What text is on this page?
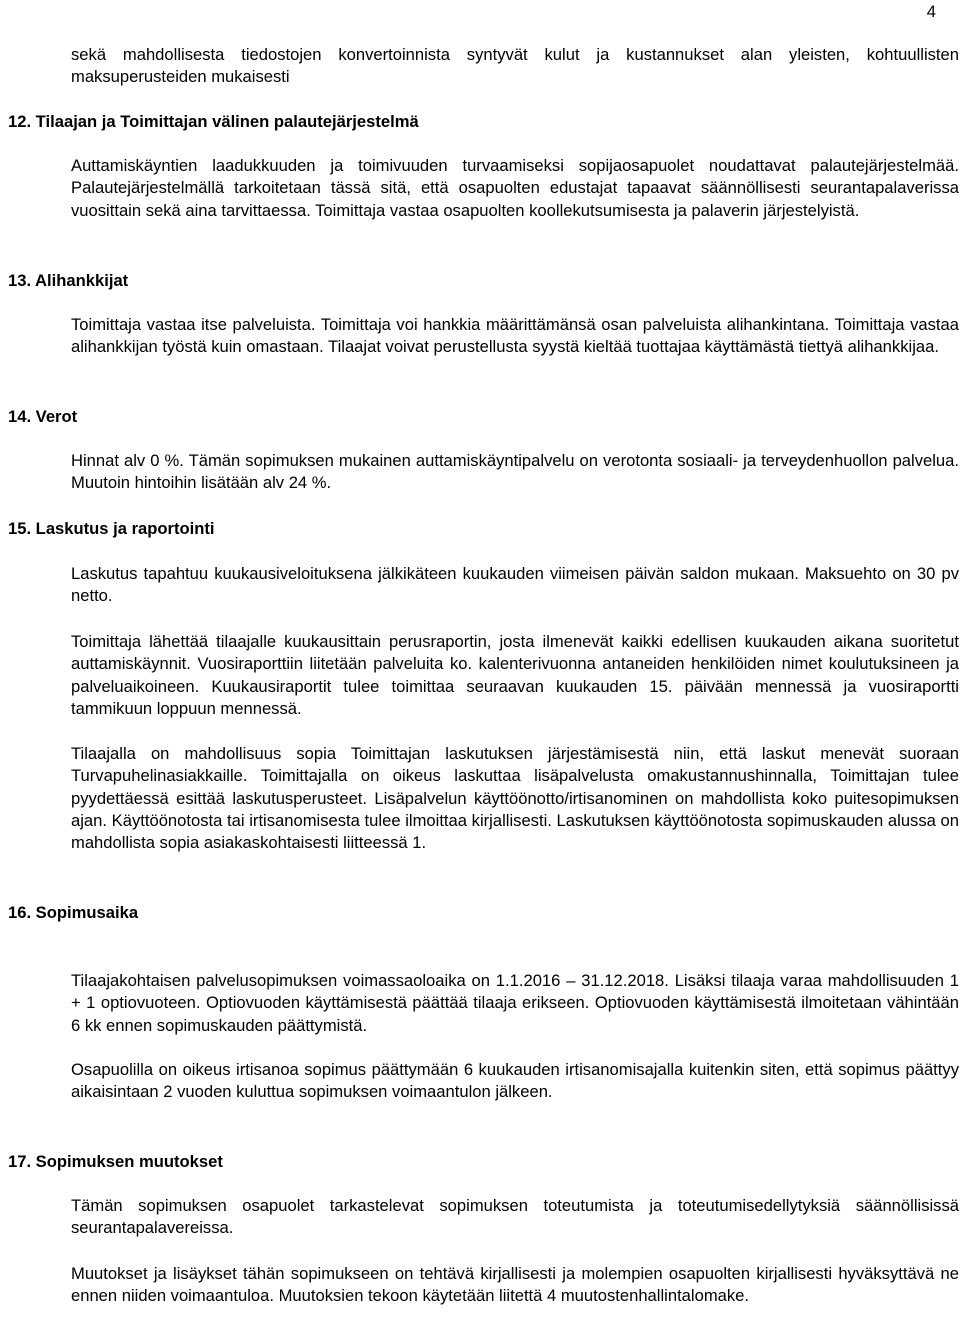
4

sekä mahdollisesta tiedostojen konvertoinnista syntyvät kulut ja kustannukset alan yleisten, kohtuullisten maksuperusteiden mukaisesti

12. Tilaajan ja Toimittajan välinen palautejärjestelmä

Auttamiskäyntien laadukkuuden ja toimivuuden turvaamiseksi sopijaosapuolet noudattavat palautejärjestelmää. Palautejärjestelmällä tarkoitetaan tässä sitä, että osapuolten edustajat tapaavat säännöllisesti seurantapalaverissa vuosittain sekä aina tarvittaessa. Toimittaja vastaa osapuolten koollekutsumisesta ja palaverin järjestelyistä.

13. Alihankkijat

Toimittaja vastaa itse palveluista. Toimittaja voi hankkia määrittämänsä osan palveluista alihankintana. Toimittaja vastaa alihankkijan työstä kuin omastaan. Tilaajat voivat perustellusta syystä kieltää tuottajaa käyttämästä tiettyä alihankkijaa.

14. Verot

Hinnat alv 0 %. Tämän sopimuksen mukainen auttamiskäyntipalvelu on verotonta sosiaali- ja terveydenhuollon palvelua. Muutoin hintoihin lisätään alv 24 %.

15. Laskutus ja raportointi

Laskutus tapahtuu kuukausiveloituksena jälkikäteen kuukauden viimeisen päivän saldon mukaan. Maksuehto on 30 pv netto.

Toimittaja lähettää tilaajalle kuukausittain perusraportin, josta ilmenevät kaikki edellisen kuukauden aikana suoritetut auttamiskäynnit. Vuosiraporttiin liitetään palveluita ko. kalenterivuonna antaneiden henkilöiden nimet koulutuksineen ja palveluaikoineen. Kuukausiraportit tulee toimittaa seuraavan kuukauden 15. päivään mennessä ja vuosiraportti tammikuun loppuun mennessä.

Tilaajalla on mahdollisuus sopia Toimittajan laskutuksen järjestämisestä niin, että laskut menevät suoraan Turvapuhelinasiakkaille. Toimittajalla on oikeus laskuttaa lisäpalvelusta omakustannushinnalla, Toimittajan tulee pyydettäessä esittää laskutusperusteet. Lisäpalvelun käyttöönotto/irtisanominen on mahdollista koko puitesopimuksen ajan. Käyttöönotosta tai irtisanomisesta tulee ilmoittaa kirjallisesti. Laskutuksen käyttöönotosta sopimuskauden alussa on mahdollista sopia asiakaskohtaisesti liitteessä 1.

16. Sopimusaika

Tilaajakohtaisen palvelusopimuksen voimassaoloaika on 1.1.2016 – 31.12.2018. Lisäksi tilaaja varaa mahdollisuuden 1 + 1 optiovuoteen. Optiovuoden käyttämisestä päättää tilaaja erikseen. Optiovuoden käyttämisestä ilmoitetaan vähintään 6 kk ennen sopimuskauden päättymistä.

Osapuolilla on oikeus irtisanoa sopimus päättymään 6 kuukauden irtisanomisajalla kuitenkin siten, että sopimus päättyy aikaisintaan 2 vuoden kuluttua sopimuksen voimaantulon jälkeen.

17. Sopimuksen muutokset

Tämän sopimuksen osapuolet tarkastelevat sopimuksen toteutumista ja toteutumisedellytyksiä säännöllisissä seurantapalavereissa.

Muutokset ja lisäykset tähän sopimukseen on tehtävä kirjallisesti ja molempien osapuolten kirjallisesti hyväksyttävä ne ennen niiden voimaantuloa. Muutoksien tekoon käytetään liitettä 4 muutostenhallintalomake.
